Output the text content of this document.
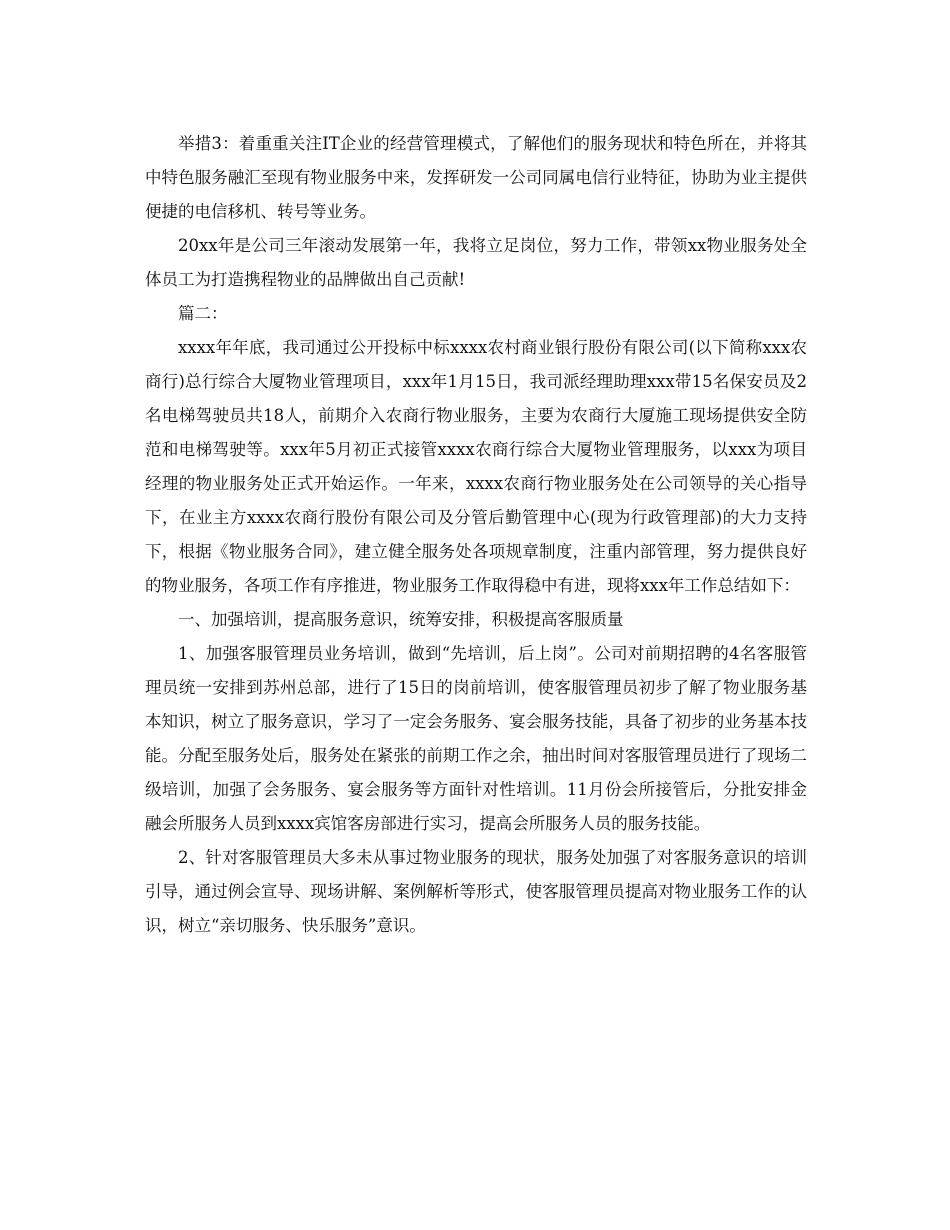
举措3：着重重关注IT企业的经营管理模式，了解他们的服务现状和特色所在，并将其中特色服务融汇至现有物业服务中来，发挥研发一公司同属电信行业特征，协助为业主提供便捷的电信移机、转号等业务。

20xx年是公司三年滚动发展第一年，我将立足岗位，努力工作，带领xx物业服务处全体员工为打造携程物业的品牌做出自己贡献!

篇二：

xxxx年年底，我司通过公开投标中标xxxx农村商业银行股份有限公司(以下简称xxx农商行)总行综合大厦物业管理项目，xxx年1月15日，我司派经理助理xxx带15名保安员及2名电梯驾驶员共18人，前期介入农商行物业服务，主要为农商行大厦施工现场提供安全防范和电梯驾驶等。xxx年5月初正式接管xxxx农商行综合大厦物业管理服务，以xxx为项目经理的物业服务处正式开始运作。一年来，xxxx农商行物业服务处在公司领导的关心指导下，在业主方xxxx农商行股份有限公司及分管后勤管理中心(现为行政管理部)的大力支持下，根据《物业服务合同》，建立健全服务处各项规章制度，注重内部管理，努力提供良好的物业服务，各项工作有序推进，物业服务工作取得稳中有进，现将xxx年工作总结如下：

一、加强培训，提高服务意识，统筹安排，积极提高客服质量

1、加强客服管理员业务培训，做到“先培训，后上岗”。公司对前期招聘的4名客服管理员统一安排到苏州总部，进行了15日的岗前培训，使客服管理员初步了解了物业服务基本知识，树立了服务意识，学习了一定会务服务、宴会服务技能，具备了初步的业务基本技能。分配至服务处后，服务处在紧张的前期工作之余，抽出时间对客服管理员进行了现场二级培训，加强了会务服务、宴会服务等方面针对性培训。11月份会所接管后，分批安排金融会所服务人员到xxxx宾馆客房部进行实习，提高会所服务人员的服务技能。

2、针对客服管理员大多未从事过物业服务的现状，服务处加强了对客服务意识的培训引导，通过例会宣导、现场讲解、案例解析等形式，使客服管理员提高对物业服务工作的认识，树立“亲切服务、快乐服务”意识。
